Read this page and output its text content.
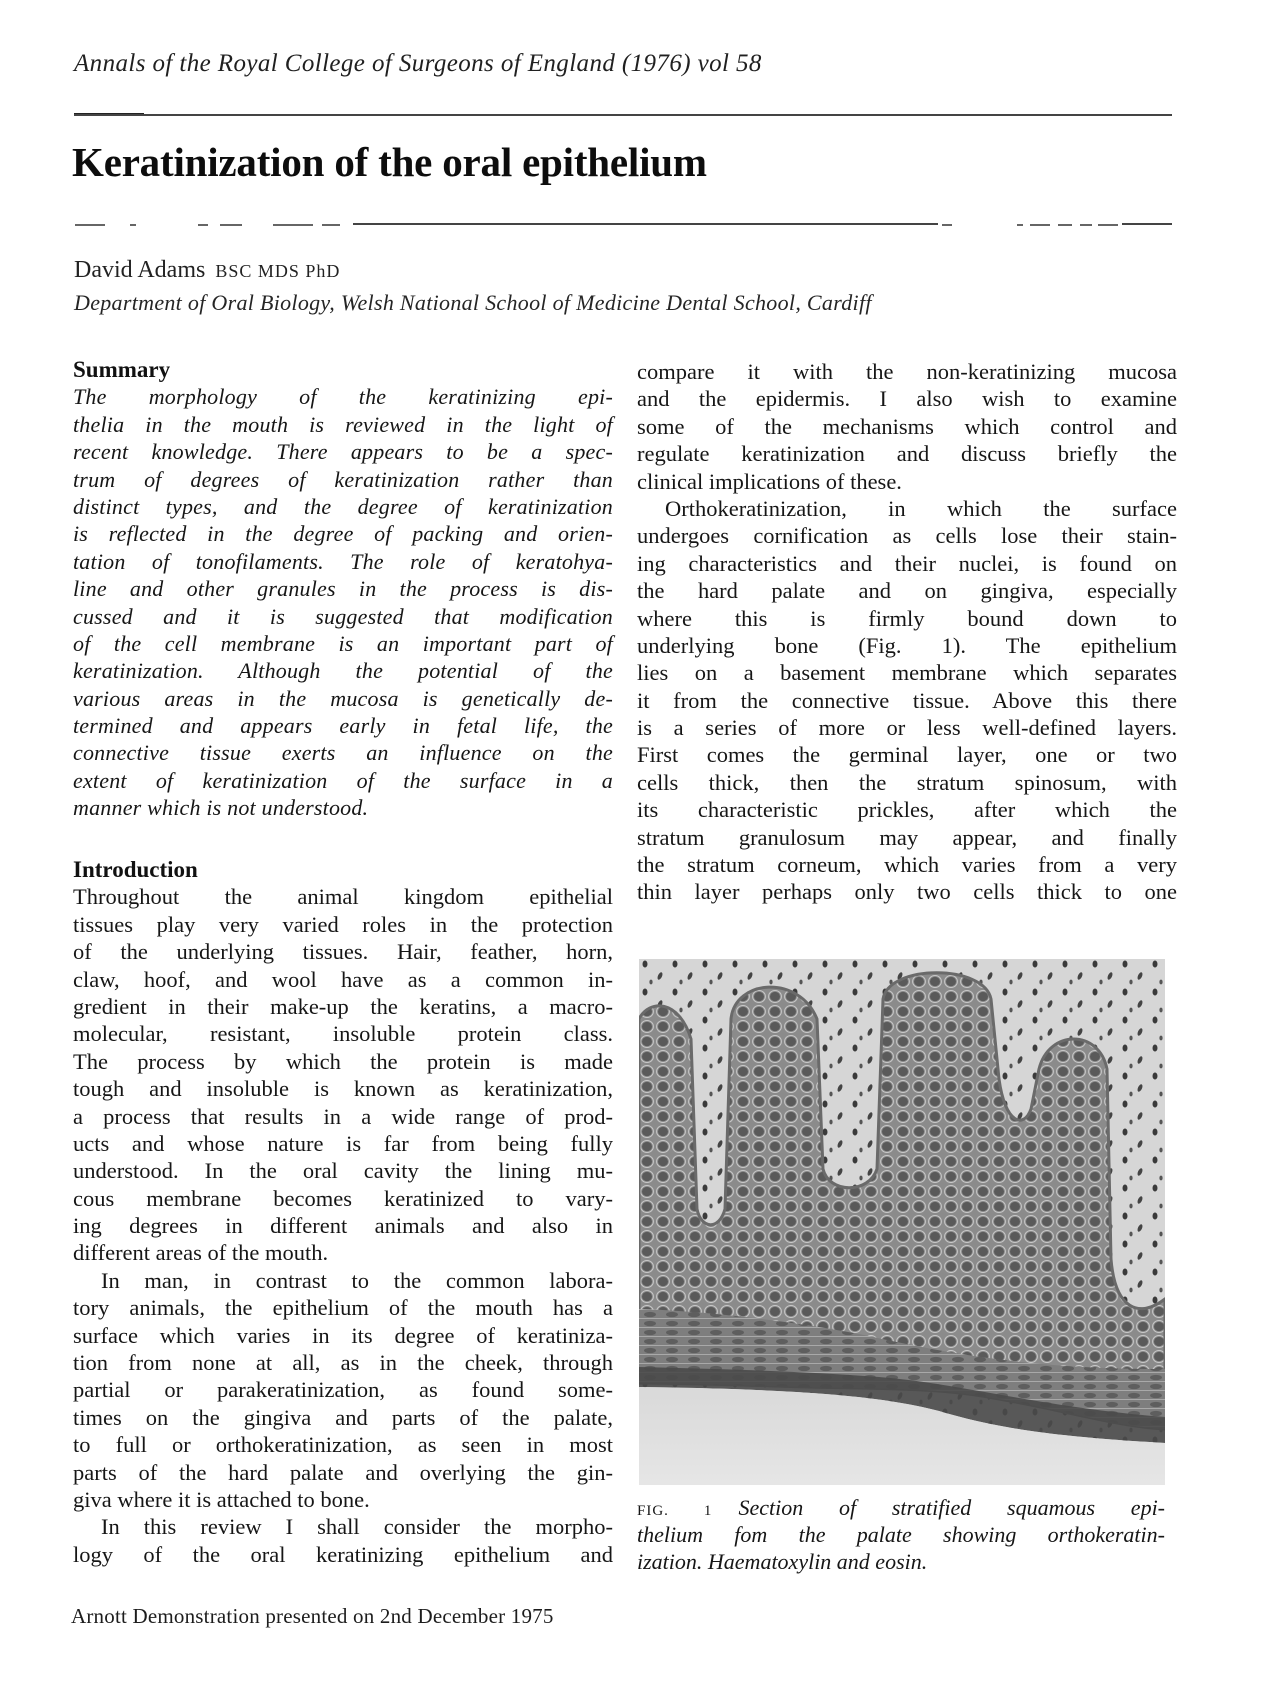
Annals of the Royal College of Surgeons of England (1976) vol 58
Keratinization of the oral epithelium
David Adams BSC MDS PhD
Department of Oral Biology, Welsh National School of Medicine Dental School, Cardiff
Summary
The morphology of the keratinizing epi-
thelia in the mouth is reviewed in the light of
recent knowledge. There appears to be a spec-
trum of degrees of keratinization rather than
distinct types, and the degree of keratinization
is reflected in the degree of packing and orien-
tation of tonofilaments. The role of keratohya-
line and other granules in the process is dis-
cussed and it is suggested that modification
of the cell membrane is an important part of
keratinization. Although the potential of the
various areas in the mucosa is genetically de-
termined and appears early in fetal life, the
connective tissue exerts an influence on the
extent of keratinization of the surface in a
manner which is not understood.
Introduction
Throughout the animal kingdom epithelial
tissues play very varied roles in the protection
of the underlying tissues. Hair, feather, horn,
claw, hoof, and wool have as a common in-
gredient in their make-up the keratins, a macro-
molecular, resistant, insoluble protein class.
The process by which the protein is made
tough and insoluble is known as keratinization,
a process that results in a wide range of prod-
ucts and whose nature is far from being fully
understood. In the oral cavity the lining mu-
cous membrane becomes keratinized to vary-
ing degrees in different animals and also in
different areas of the mouth.
In man, in contrast to the common labora-
tory animals, the epithelium of the mouth has a
surface which varies in its degree of keratiniza-
tion from none at all, as in the cheek, through
partial or parakeratinization, as found some-
times on the gingiva and parts of the palate,
to full or orthokeratinization, as seen in most
parts of the hard palate and overlying the gin-
giva where it is attached to bone.
In this review I shall consider the morpho-
logy of the oral keratinizing epithelium and
compare it with the non-keratinizing mucosa
and the epidermis. I also wish to examine
some of the mechanisms which control and
regulate keratinization and discuss briefly the
clinical implications of these.
Orthokeratinization, in which the surface
undergoes cornification as cells lose their stain-
ing characteristics and their nuclei, is found on
the hard palate and on gingiva, especially
where this is firmly bound down to
underlying bone (Fig. 1). The epithelium
lies on a basement membrane which separates
it from the connective tissue. Above this there
is a series of more or less well-defined layers.
First comes the germinal layer, one or two
cells thick, then the stratum spinosum, with
its characteristic prickles, after which the
stratum granulosum may appear, and finally
the stratum corneum, which varies from a very
thin layer perhaps only two cells thick to one
FIG. 1 Section of stratified squamous epi-
thelium fom the palate showing orthokeratin-
ization. Haematoxylin and eosin.
Arnott Demonstration presented on 2nd December 1975
